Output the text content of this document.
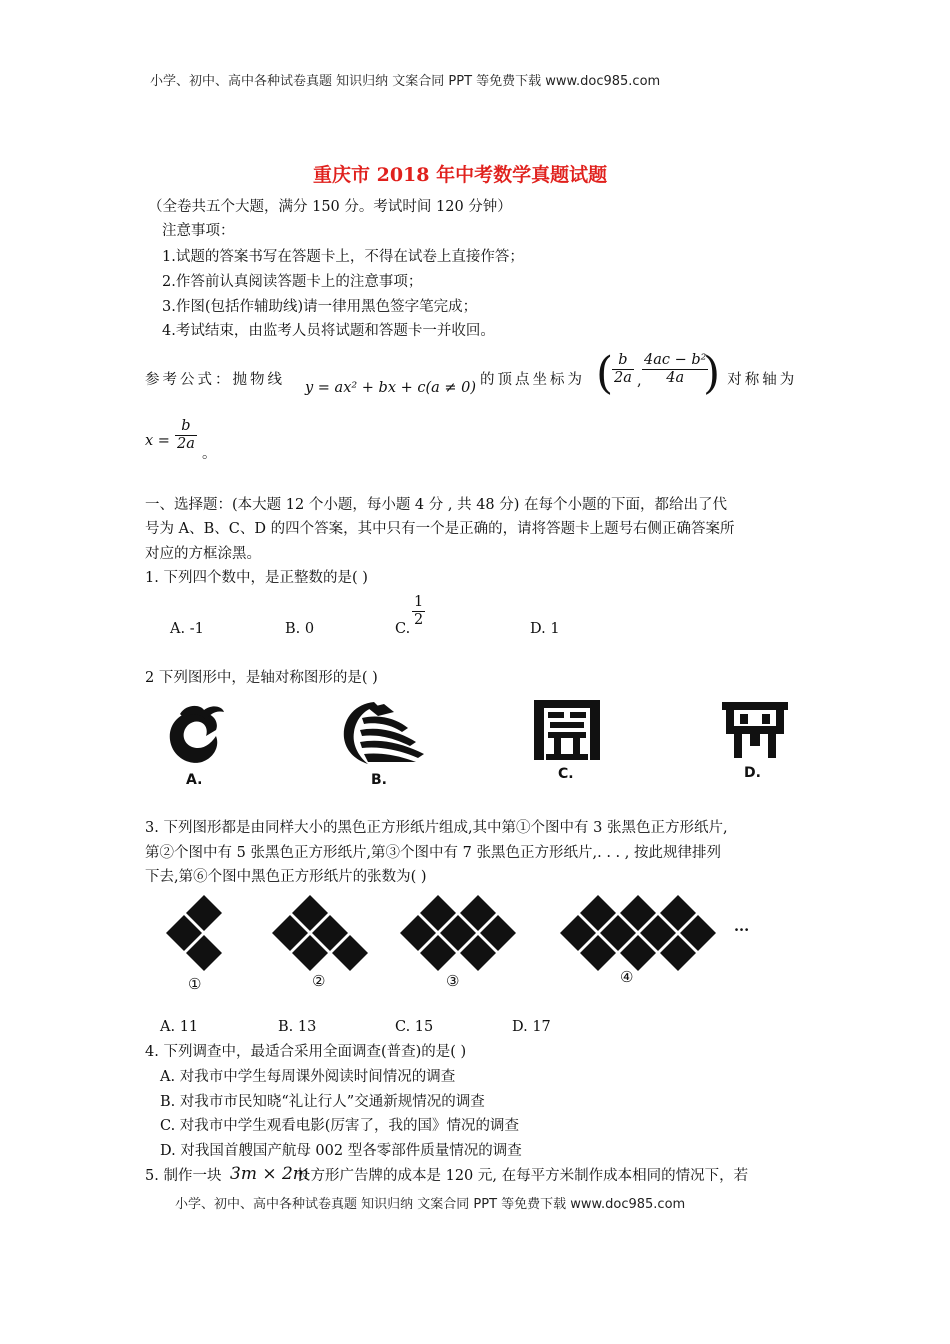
小学、初中、高中各种试卷真题 知识归纳 文案合同 PPT 等免费下载 www.doc985.com
重庆市 2018 年中考数学真题试题
（全卷共五个大题，满分 150 分。考试时间 120 分钟）
注意事项：
1.试题的答案书写在答题卡上，不得在试卷上直接作答；
2.作答前认真阅读答题卡上的注意事项；
3.作图(包括作辅助线)请一律用黑色签字笔完成；
4.考试结束，由监考人员将试题和答题卡一并收回。
参考公式：抛物线 y = ax² + bx + c(a ≠ 0) 的顶点坐标为 (
$\frac{b}{2a}$ , $\frac{\text{4ac − b²}}{4a}$
)
, 对称轴为
$x = \frac{b}{2a}$
。
一、选择题：(本大题 12 个小题，每小题 4 分 , 共 48 分) 在每个小题的下面，都给出了代
号为 A、B、C、D 的四个答案，其中只有一个是正确的，请将答题卡上题号右侧正确答案所
对应的方框涂黑。
1. 下列四个数中，是正整数的是( )
A. -1	B. 0	C. $\frac{1}{2}$	D. 1
2 下列图形中，是轴对称图形的是( )
A.	B.	C.	D.
3. 下列图形都是由同样大小的黑色正方形纸片组成,其中第①个图中有 3 张黑色正方形纸片,
第②个图中有 5 张黑色正方形纸片,第③个图中有 7 张黑色正方形纸片,. . . , 按此规律排列
下去,第⑥个图中黑色正方形纸片的张数为( )
①	②	③	④
···
A. 11	B. 13	C. 15	D. 17
4. 下列调查中，最适合采用全面调查(普查)的是( )
A. 对我市中学生每周课外阅读时间情况的调查
B. 对我市市民知晓“礼让行人”交通新规情况的调查
C. 对我市中学生观看电影(厉害了，我的国》情况的调查
D. 对我国首艘国产航母 002 型各零部件质量情况的调查
5. 制作一块 3m × 2m
长方形广告牌的成本是 120 元, 在每平方米制作成本相同的情况下，若
小学、初中、高中各种试卷真题 知识归纳 文案合同 PPT 等免费下载 www.doc985.com
